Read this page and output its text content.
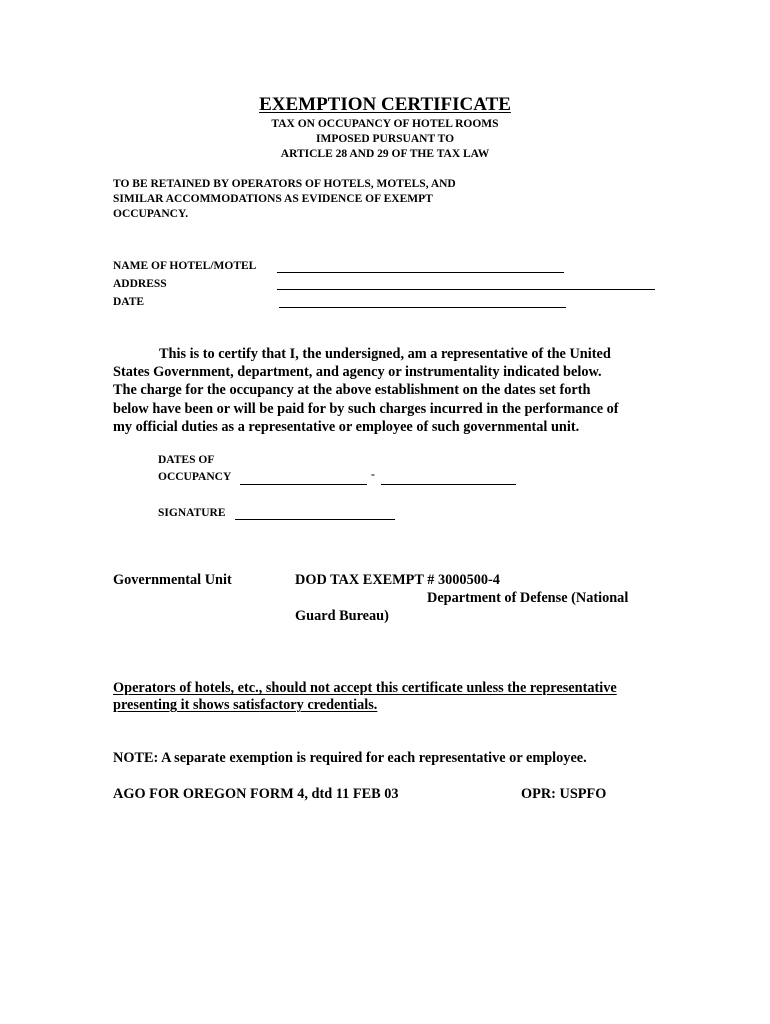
EXEMPTION CERTIFICATE
TAX ON OCCUPANCY OF HOTEL ROOMS
IMPOSED PURSUANT TO
ARTICLE 28 AND 29 OF THE TAX LAW
TO BE RETAINED BY OPERATORS OF HOTELS, MOTELS, AND
SIMILAR ACCOMMODATIONS AS EVIDENCE OF EXEMPT
OCCUPANCY.
NAME OF HOTEL/MOTEL
ADDRESS
DATE
This is to certify that I, the undersigned, am a representative of the United
States Government, department, and agency or instrumentality indicated below.
The charge for the occupancy at the above establishment on the dates set forth
below have been or will be paid for by such charges incurred in the performance of
my official duties as a representative or employee of such governmental unit.
DATES OF
OCCUPANCY	-
SIGNATURE
Governmental Unit	DOD TAX EXEMPT # 3000500-4
Department of Defense (National
Guard Bureau)
Operators of hotels, etc., should not accept this certificate unless the representative
presenting it shows satisfactory credentials.
NOTE: A separate exemption is required for each representative or employee.
AGO FOR OREGON FORM 4, dtd 11 FEB 03	OPR: USPFO
